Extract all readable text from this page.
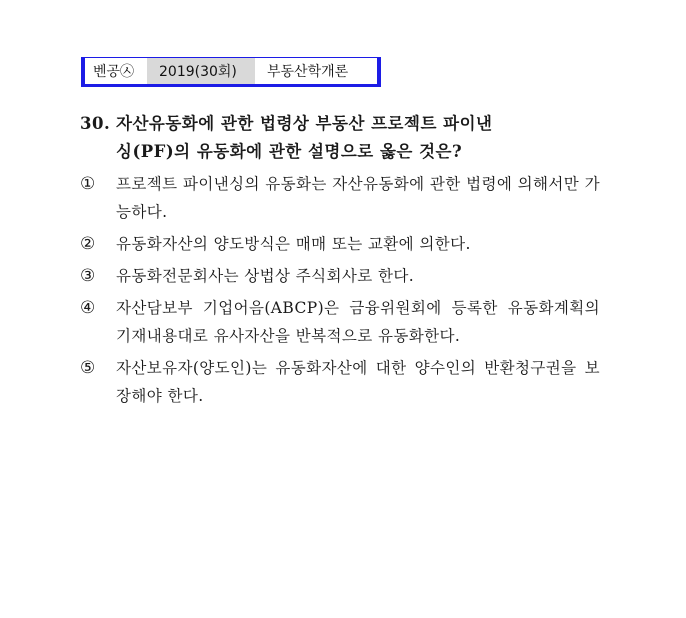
벤공㉦	2019(30회)	부동산학개론
30. 자산유동화에 관한 법령상 부동산 프로젝트 파이낸
싱(PF)의 유동화에 관한 설명으로 옳은 것은?
①	프로젝트 파이낸싱의 유동화는 자산유동화에 관한 법령에 의해서만 가능하다.
②	유동화자산의 양도방식은 매매 또는 교환에 의한다.
③	유동화전문회사는 상법상 주식회사로 한다.
④	자산담보부 기업어음(ABCP)은 금융위원회에 등록한 유동화계획의 기재내용대로 유사자산을 반복적으로 유동화한다.
⑤	자산보유자(양도인)는 유동화자산에 대한 양수인의 반환청구권을 보장해야 한다.
